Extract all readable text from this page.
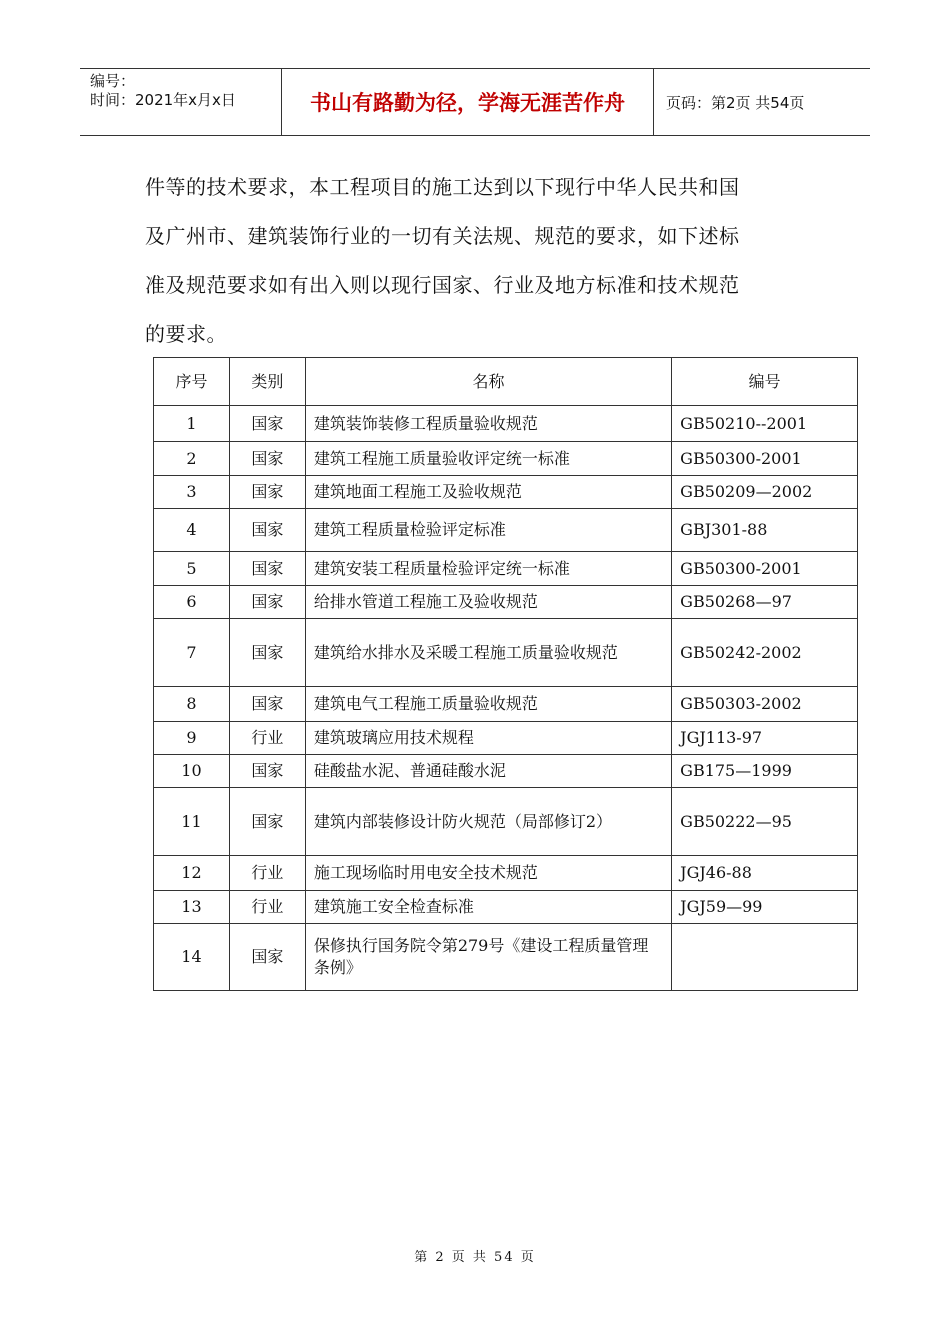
编号：
时间：2021年x月x日	书山有路勤为径，学海无涯苦作舟	页码：第2页 共54页
件等的技术要求，本工程项目的施工达到以下现行中华人民共和国
及广州市、建筑装饰行业的一切有关法规、规范的要求，如下述标
准及规范要求如有出入则以现行国家、行业及地方标准和技术规范
的要求。
序号	类别	名称	编号
1	国家	建筑装饰装修工程质量验收规范	GB50210--2001
2	国家	建筑工程施工质量验收评定统一标准	GB50300-2001
3	国家	建筑地面工程施工及验收规范	GB50209—2002
4	国家	建筑工程质量检验评定标准	GBJ301-88
5	国家	建筑安装工程质量检验评定统一标准	GB50300-2001
6	国家	给排水管道工程施工及验收规范	GB50268—97
7	国家	建筑给水排水及采暖工程施工质量验收规范	GB50242-2002
8	国家	建筑电气工程施工质量验收规范	GB50303-2002
9	行业	建筑玻璃应用技术规程	JGJ113-97
10	国家	硅酸盐水泥、普通硅酸水泥	GB175—1999
11	国家	建筑内部装修设计防火规范（局部修订2）	GB50222—95
12	行业	施工现场临时用电安全技术规范	JGJ46-88
13	行业	建筑施工安全检查标准	JGJ59—99
14	国家	保修执行国务院令第279号《建设工程质量管理条例》	
第 2 页 共 54 页
